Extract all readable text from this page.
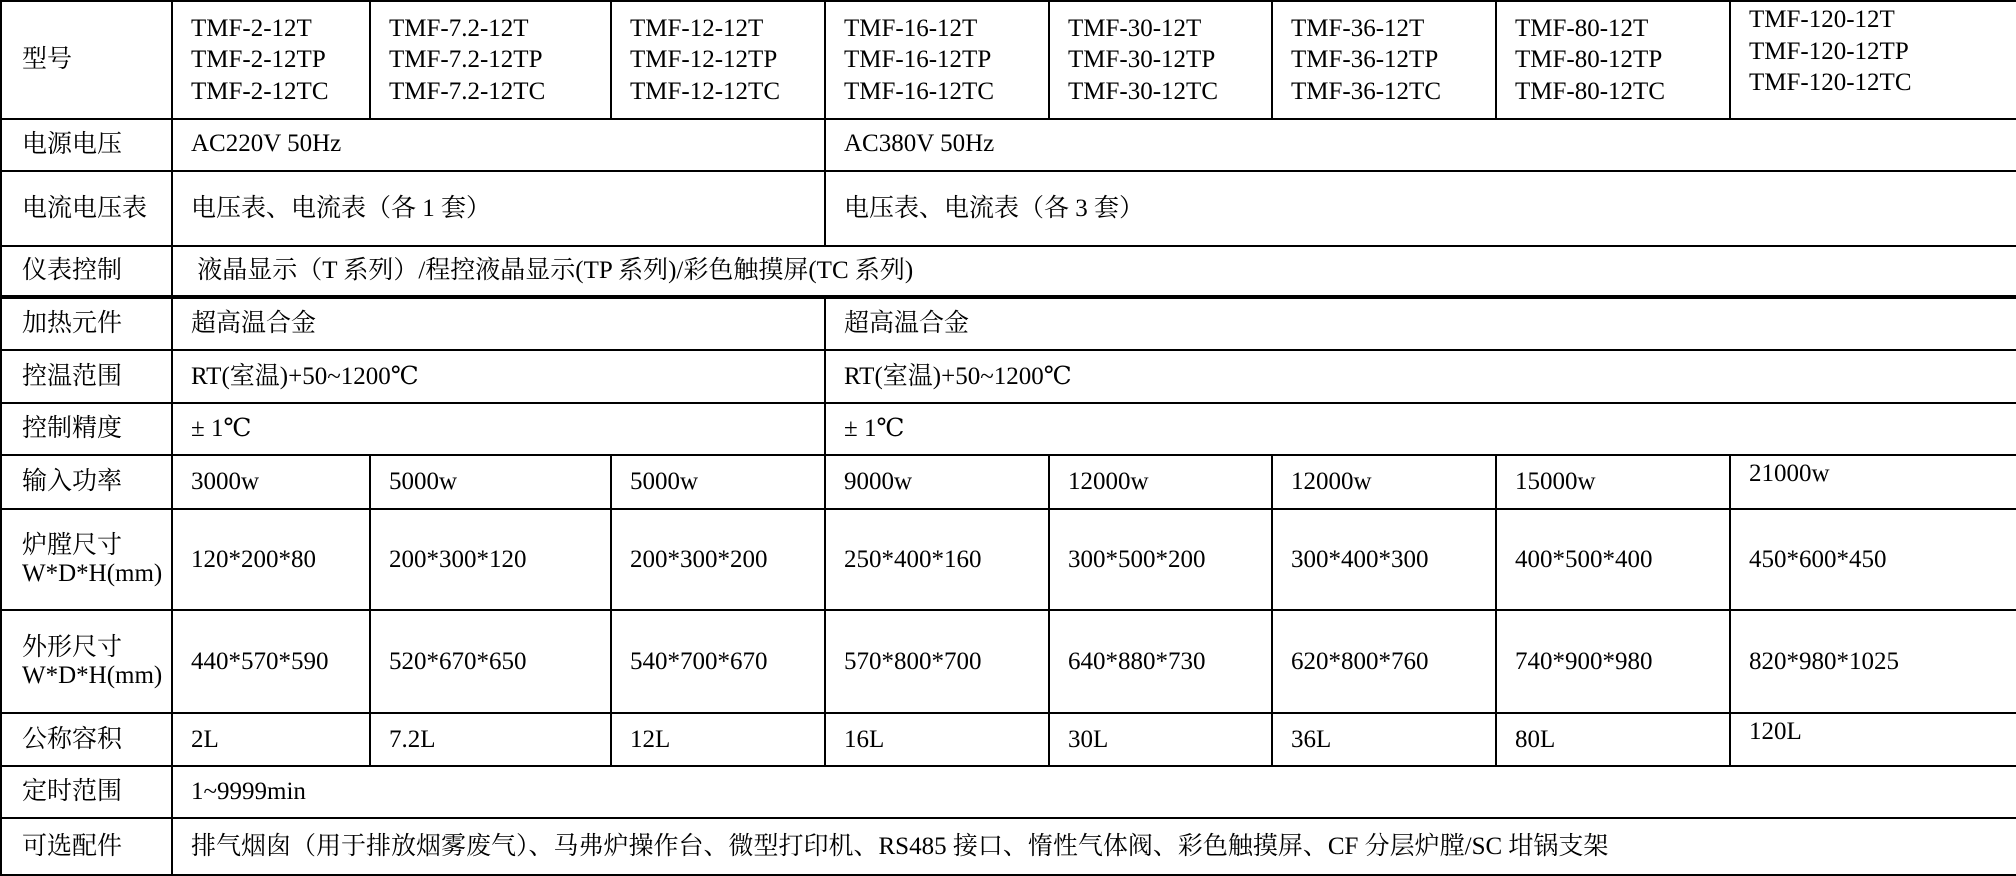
型号	TMF-2-12T
TMF-2-12TP
TMF-2-12TC	TMF-7.2-12T
TMF-7.2-12TP
TMF-7.2-12TC	TMF-12-12T
TMF-12-12TP
TMF-12-12TC	TMF-16-12T
TMF-16-12TP
TMF-16-12TC	TMF-30-12T
TMF-30-12TP
TMF-30-12TC	TMF-36-12T
TMF-36-12TP
TMF-36-12TC	TMF-80-12T
TMF-80-12TP
TMF-80-12TC	TMF-120-12T
TMF-120-12TP
TMF-120-12TC

电源电压	AC220V 50Hz			AC380V 50Hz				
电流电压表	电压表、电流表（各 1 套）			电压表、电流表（各 3 套）				
仪表控制	液晶显示（T 系列）/程控液晶显示(TP 系列)/彩色触摸屏(TC 系列)							
加热元件	超高温合金			超高温合金				
控温范围	RT(室温)+50~1200℃			RT(室温)+50~1200℃				
控制精度	± 1℃			± 1℃				
输入功率	3000w	5000w	5000w	9000w	12000w	12000w	15000w	21000w
炉膛尺寸W*D*H(mm)	120*200*80	200*300*120	200*300*200	250*400*160	300*500*200	300*400*300	400*500*400	450*600*450
外形尺寸W*D*H(mm)	440*570*590	520*670*650	540*700*670	570*800*700	640*880*730	620*800*760	740*900*980	820*980*1025
公称容积	2L	7.2L	12L	16L	30L	36L	80L	120L
定时范围	1~9999min							
可选配件	排气烟囱（用于排放烟雾废气）、马弗炉操作台、微型打印机、RS485 接口、惰性气体阀、彩色触摸屏、CF 分层炉膛/SC 坩锅支架							
